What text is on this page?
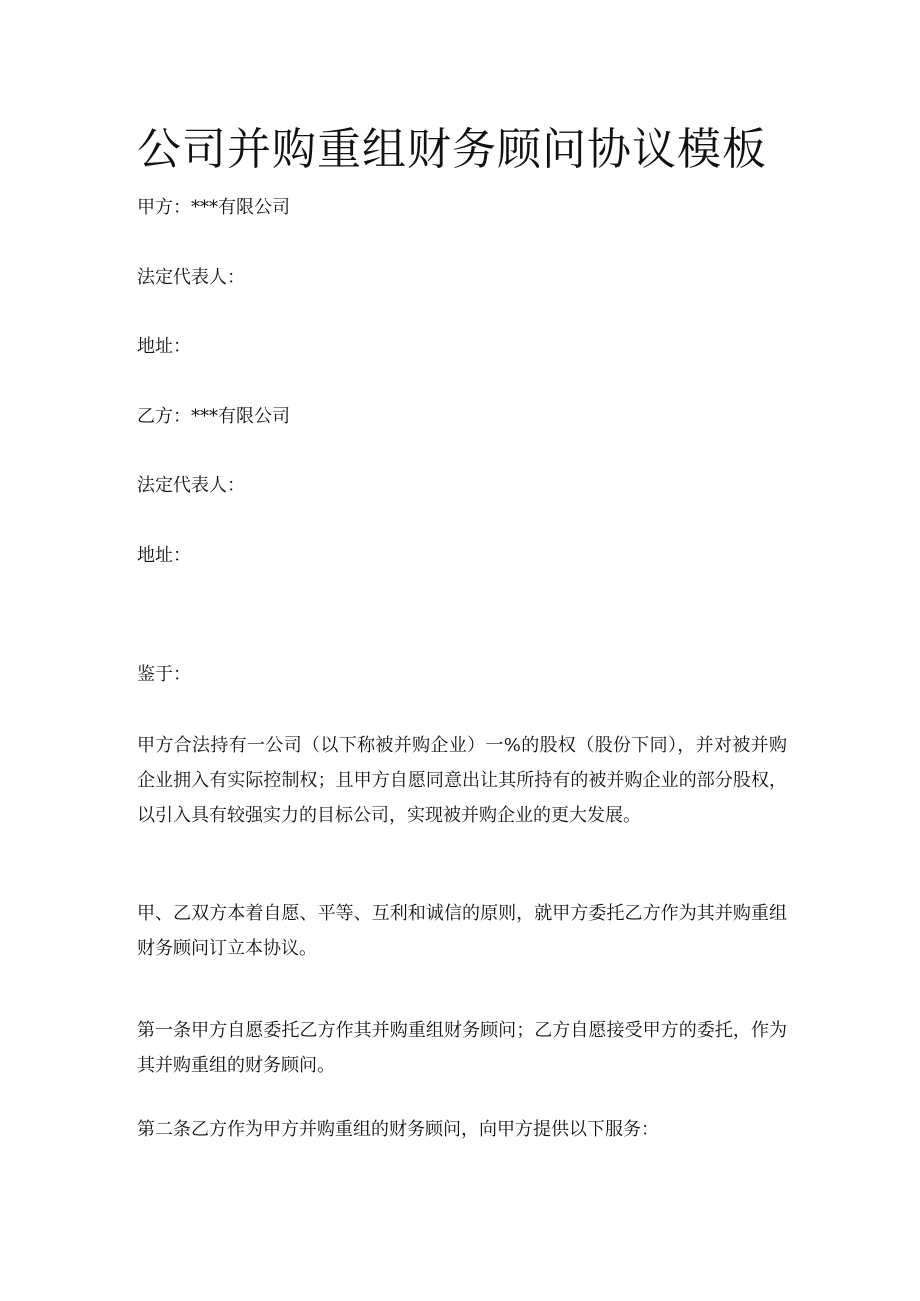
公司并购重组财务顾问协议模板
甲方：***有限公司
法定代表人：
地址：
乙方：***有限公司
法定代表人：
地址：
鉴于：

甲方合法持有一公司（以下称被并购企业）一%的股权（股份下同），并对被并购企业拥入有实际控制权；且甲方自愿同意出让其所持有的被并购企业的部分股权，以引入具有较强实力的目标公司，实现被并购企业的更大发展。

甲、乙双方本着自愿、平等、互利和诚信的原则，就甲方委托乙方作为其并购重组财务顾问订立本协议。

第一条甲方自愿委托乙方作其并购重组财务顾问；乙方自愿接受甲方的委托，作为其并购重组的财务顾问。

第二条乙方作为甲方并购重组的财务顾问，向甲方提供以下服务：
